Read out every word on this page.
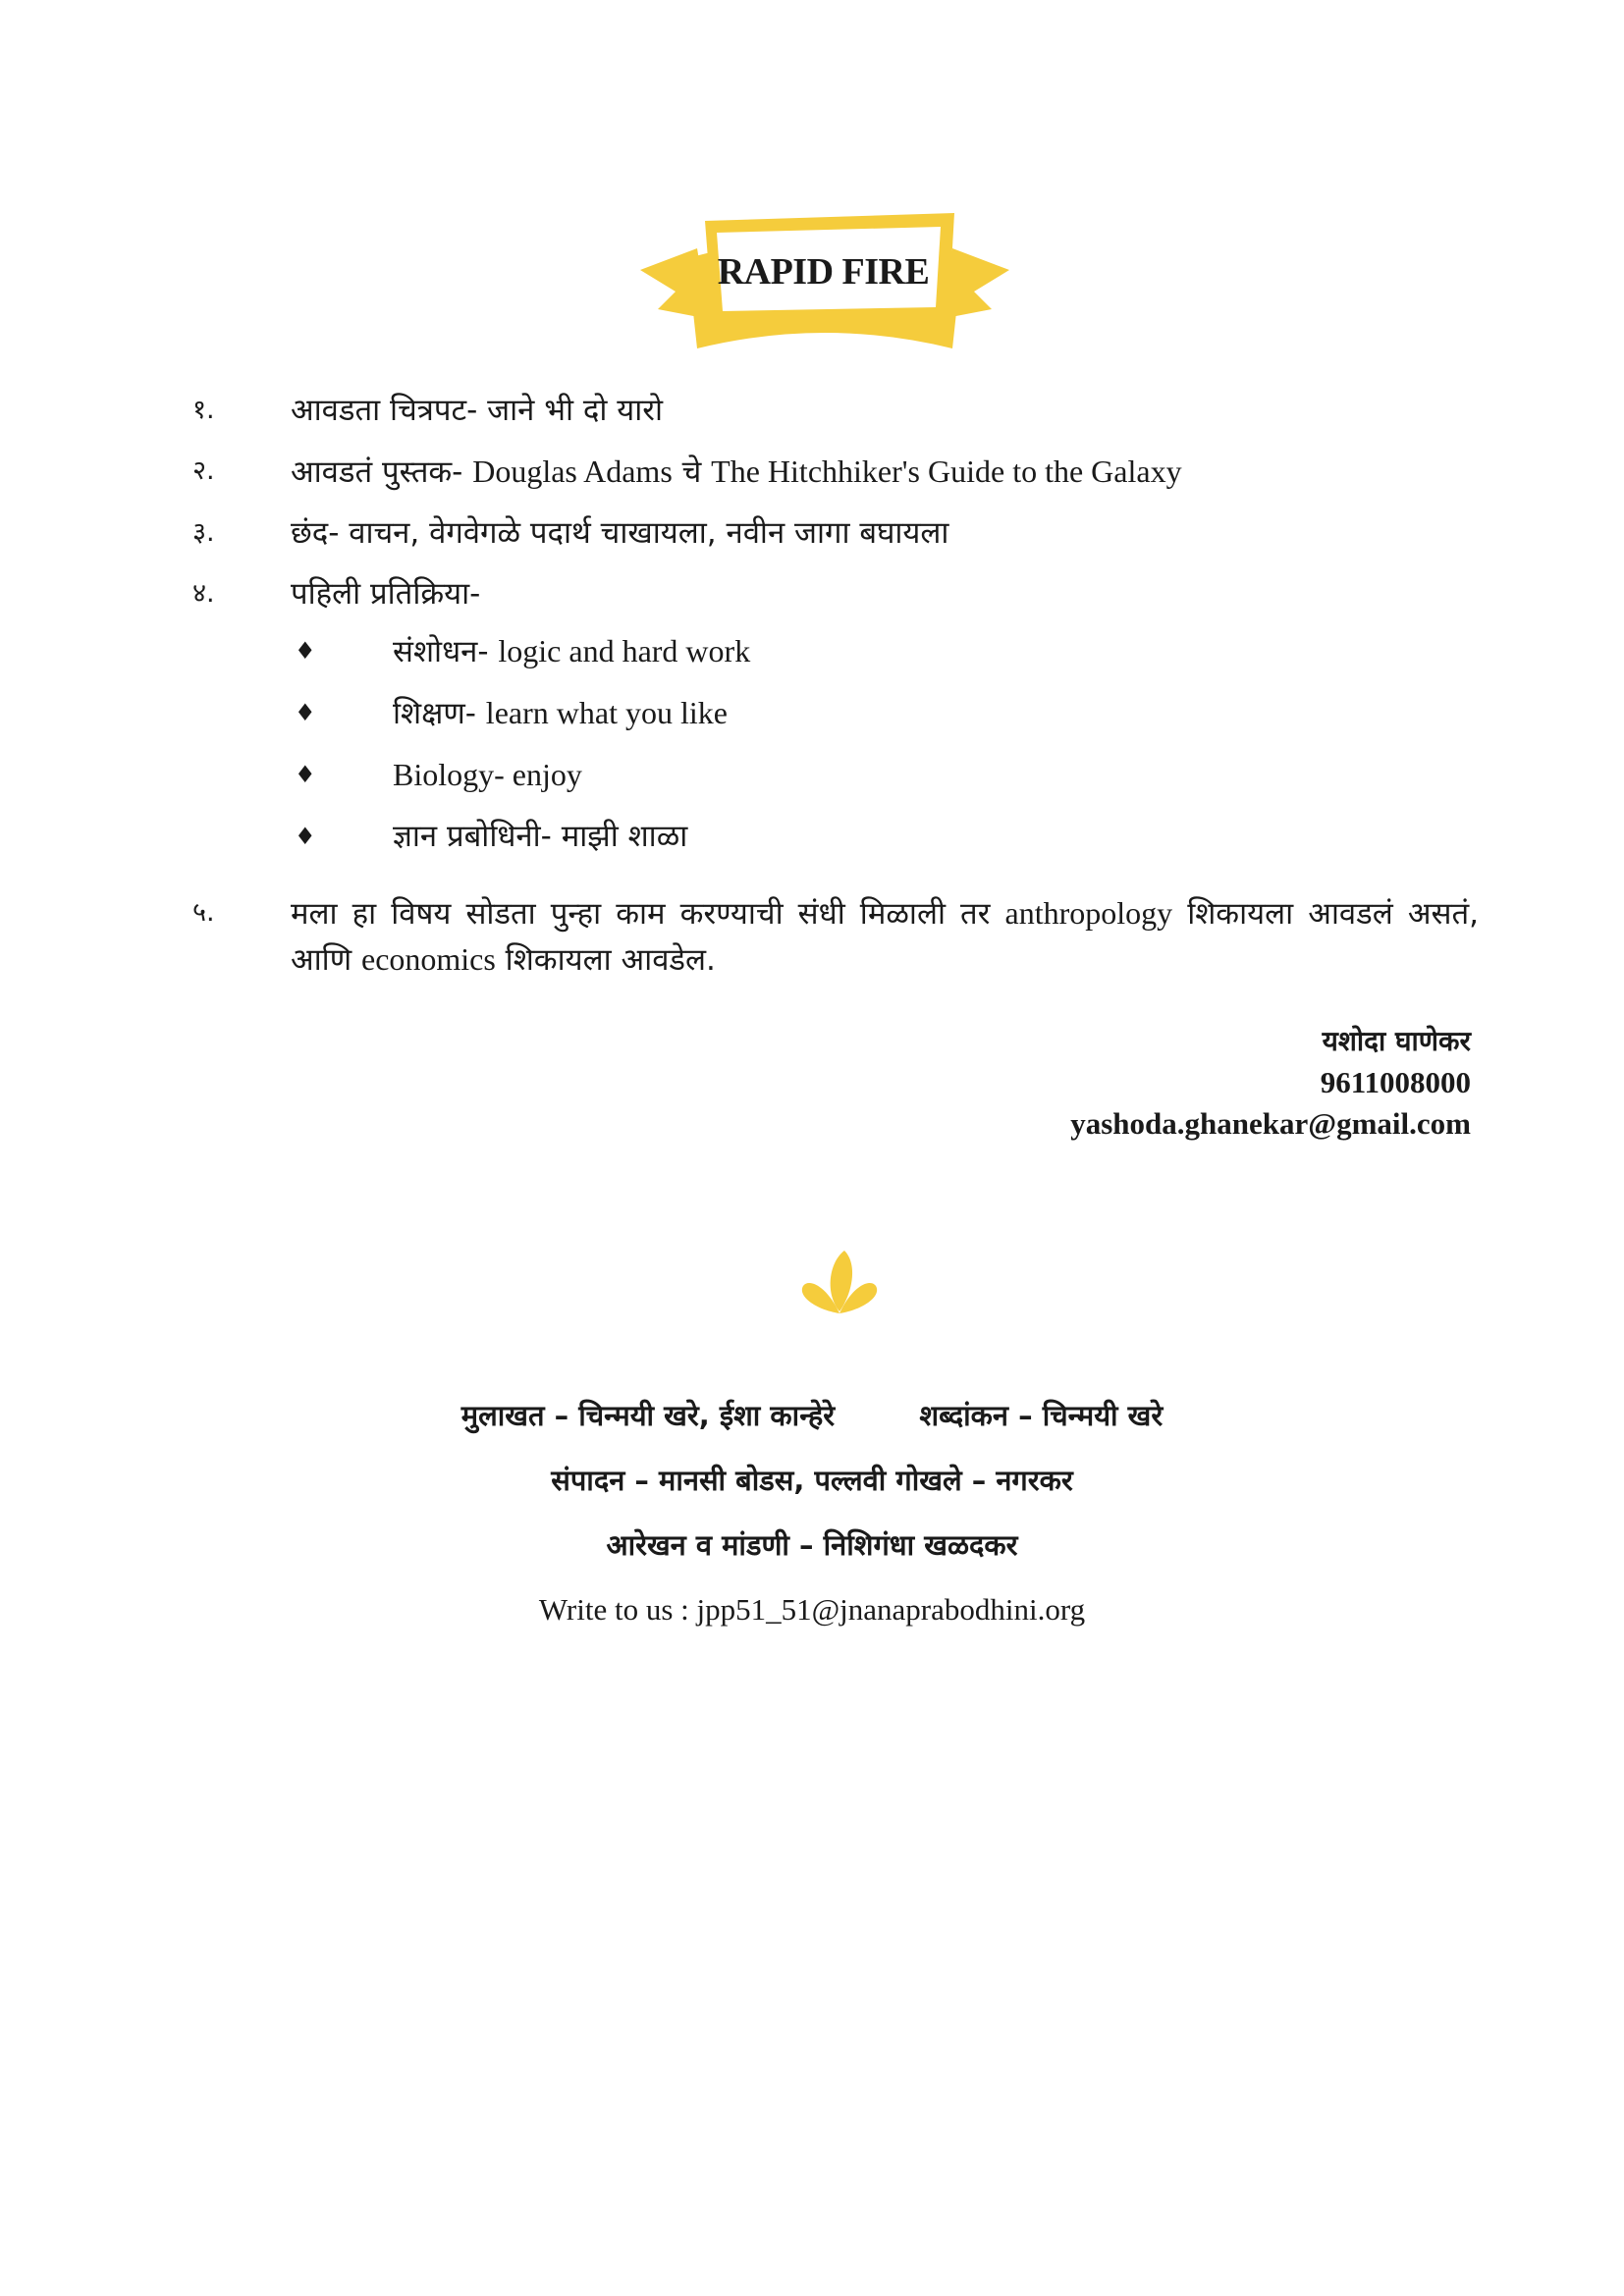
RAPID FIRE
१.	आवडता चित्रपट- जाने भी दो यारो
२.	आवडतं पुस्तक- Douglas Adams चे The Hitchhiker's Guide to the Galaxy
३.	छंद- वाचन, वेगवेगळे पदार्थ चाखायला, नवीन जागा बघायला
४.	पहिली प्रतिक्रिया-
♦	संशोधन- logic and hard work
♦	शिक्षण- learn what you like
♦	Biology- enjoy
♦	ज्ञान प्रबोधिनी- माझी शाळा
५.	मला हा विषय सोडता पुन्हा काम करण्याची संधी मिळाली तर anthropology शिकायला आवडलं असतं, आणि economics शिकायला आवडेल.
यशोदा घाणेकर
9611008000
yashoda.ghanekar@gmail.com
मुलाखत – चिन्मयी खरे, ईशा कान्हेरे	शब्दांकन – चिन्मयी खरे
संपादन – मानसी बोडस, पल्लवी गोखले – नगरकर
आरेखन व मांडणी – निशिगंधा खळदकर
Write to us : jpp51_51@jnanaprabodhini.org
